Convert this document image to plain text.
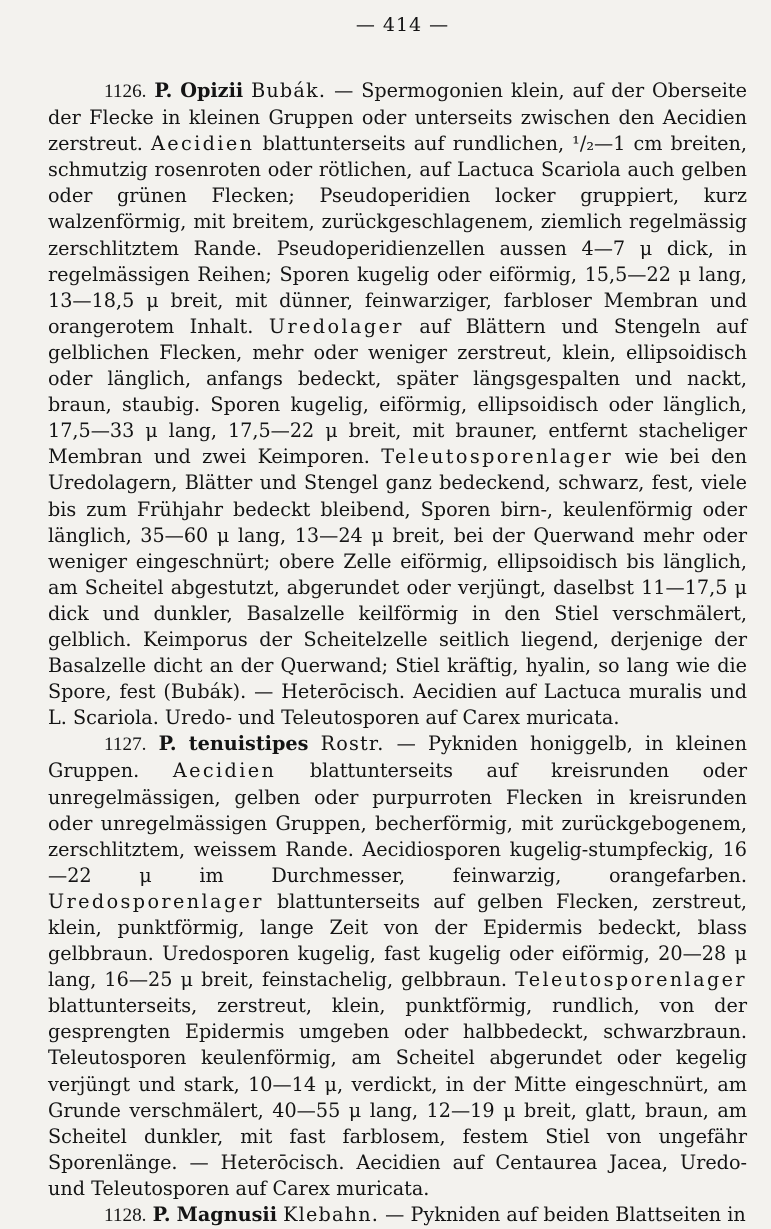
— 414 —

1126. P. Opizii Bubák. — Spermogonien klein, auf der Oberseite der Flecke in kleinen Gruppen oder unterseits zwischen den Aecidien zerstreut. Aecidien blattunterseits auf rundlichen, ¹/₂—1 cm breiten, schmutzig rosenroten oder rötlichen, auf Lactuca Scariola auch gelben oder grünen Flecken; Pseudoperidien locker gruppiert, kurz walzenförmig, mit breitem, zurückgeschlagenem, ziemlich regelmässig zerschlitztem Rande. Pseudoperidienzellen aussen 4—7 μ dick, in regelmässigen Reihen; Sporen kugelig oder eiförmig, 15,5—22 μ lang, 13—18,5 μ breit, mit dünner, feinwarziger, farbloser Membran und orangerotem Inhalt. Uredolager auf Blättern und Stengeln auf gelblichen Flecken, mehr oder weniger zerstreut, klein, ellipsoidisch oder länglich, anfangs bedeckt, später längsgespalten und nackt, braun, staubig. Sporen kugelig, eiförmig, ellipsoidisch oder länglich, 17,5—33 μ lang, 17,5—22 μ breit, mit brauner, entfernt stacheliger Membran und zwei Keimporen. Teleutosporenlager wie bei den Uredolagern, Blätter und Stengel ganz bedeckend, schwarz, fest, viele bis zum Frühjahr bedeckt bleibend, Sporen birn-, keulenförmig oder länglich, 35—60 μ lang, 13—24 μ breit, bei der Querwand mehr oder weniger eingeschnürt; obere Zelle eiförmig, ellipsoidisch bis länglich, am Scheitel abgestutzt, abgerundet oder verjüngt, daselbst 11—17,5 μ dick und dunkler, Basalzelle keilförmig in den Stiel verschmälert, gelblich. Keimporus der Scheitelzelle seitlich liegend, derjenige der Basalzelle dicht an der Querwand; Stiel kräftig, hyalin, so lang wie die Spore, fest (Bubák). — Heterōcisch. Aecidien auf Lactuca muralis und L. Scariola. Uredo- und Teleutosporen auf Carex muricata.

1127. P. tenuistipes Rostr. — Pykniden honiggelb, in kleinen Gruppen. Aecidien blattunterseits auf kreisrunden oder unregelmässigen, gelben oder purpurroten Flecken in kreisrunden oder unregelmässigen Gruppen, becherförmig, mit zurückgebogenem, zerschlitztem, weissem Rande. Aecidiosporen kugelig-stumpfeckig, 16—22 μ im Durchmesser, feinwarzig, orangefarben. Uredosporenlager blattunterseits auf gelben Flecken, zerstreut, klein, punktförmig, lange Zeit von der Epidermis bedeckt, blass gelbbraun. Uredosporen kugelig, fast kugelig oder eiförmig, 20—28 μ lang, 16—25 μ breit, feinstachelig, gelbbraun. Teleutosporenlager blattunterseits, zerstreut, klein, punktförmig, rundlich, von der gesprengten Epidermis umgeben oder halbbedeckt, schwarzbraun. Teleutosporen keulenförmig, am Scheitel abgerundet oder kegelig verjüngt und stark, 10—14 μ, verdickt, in der Mitte eingeschnürt, am Grunde verschmälert, 40—55 μ lang, 12—19 μ breit, glatt, braun, am Scheitel dunkler, mit fast farblosem, festem Stiel von ungefähr Sporenlänge. — Heterōcisch. Aecidien auf Centaurea Jacea, Uredo- und Teleutosporen auf Carex muricata.

1128. P. Magnusii Klebahn. — Pykniden auf beiden Blattseiten in
